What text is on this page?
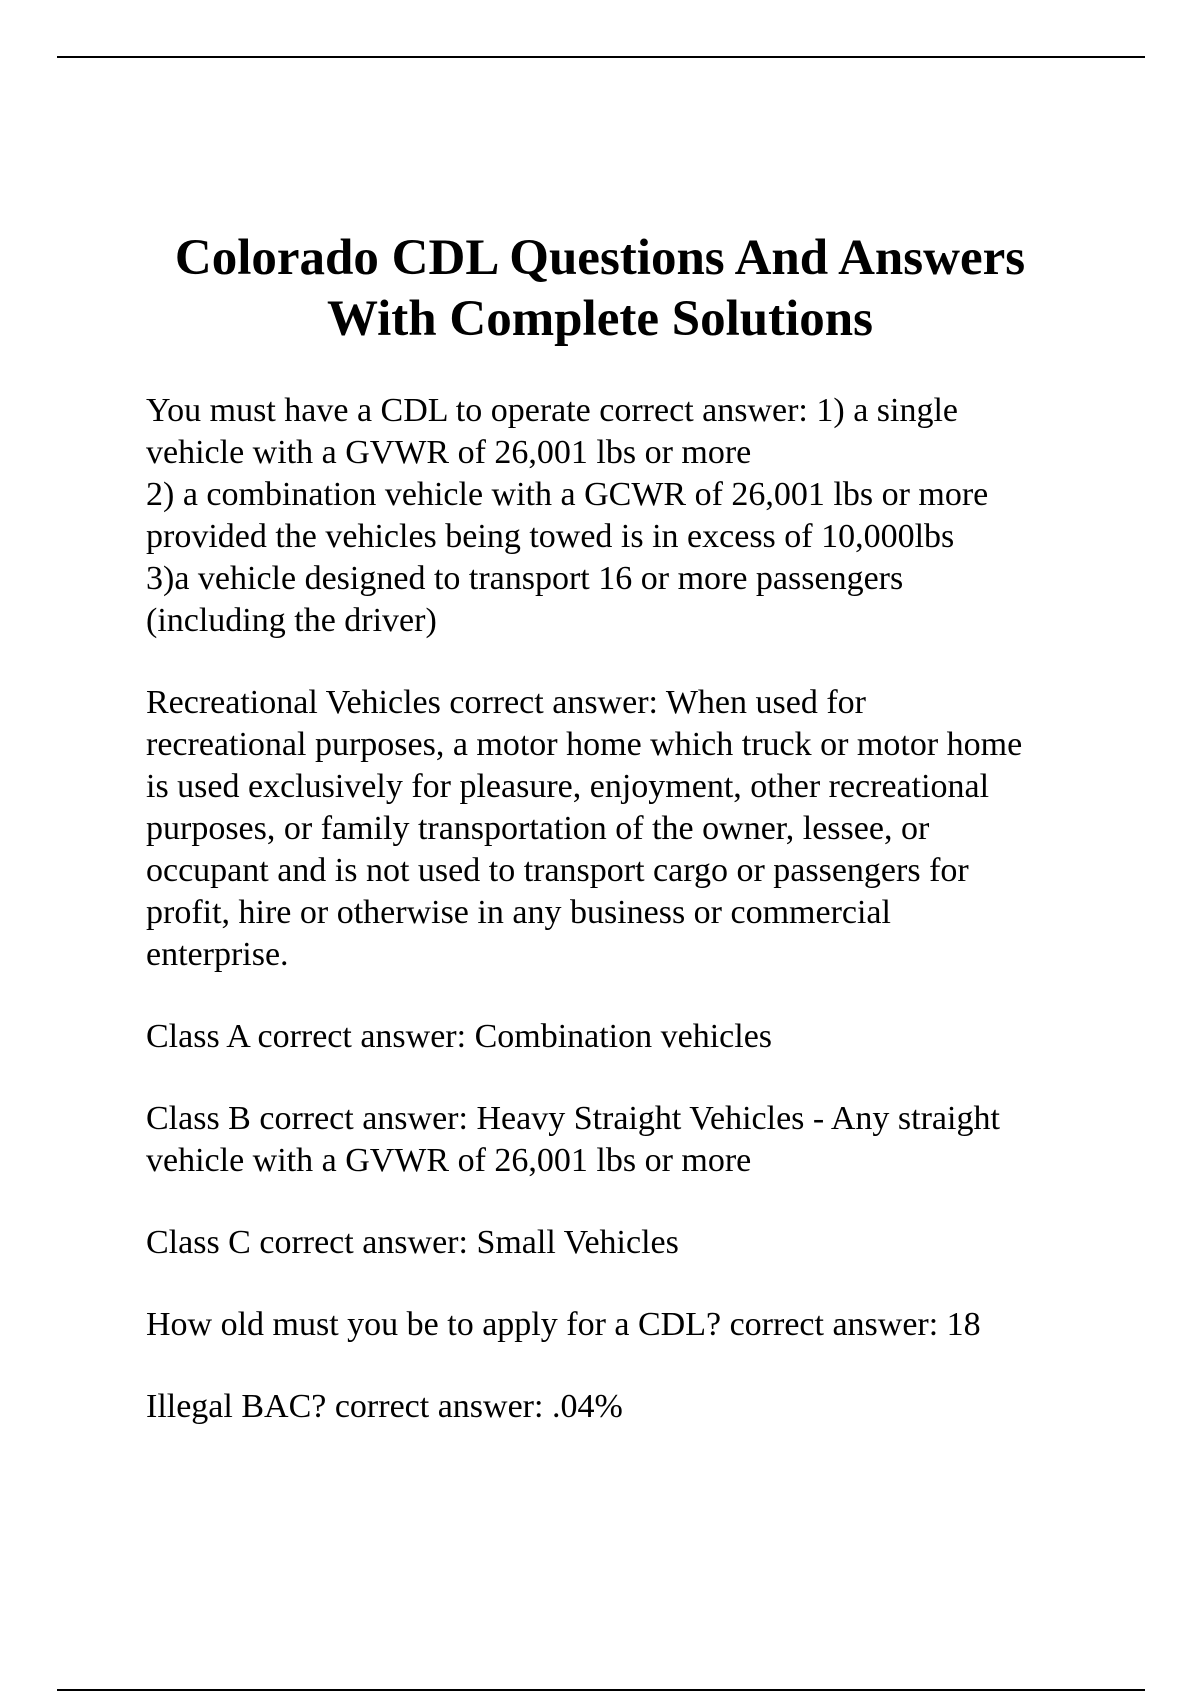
Colorado CDL Questions And Answers
With Complete Solutions

You must have a CDL to operate correct answer: 1) a single
vehicle with a GVWR of 26,001 lbs or more
2) a combination vehicle with a GCWR of 26,001 lbs or more
provided the vehicles being towed is in excess of 10,000lbs
3)a vehicle designed to transport 16 or more passengers
(including the driver)

Recreational Vehicles correct answer: When used for
recreational purposes, a motor home which truck or motor home
is used exclusively for pleasure, enjoyment, other recreational
purposes, or family transportation of the owner, lessee, or
occupant and is not used to transport cargo or passengers for
profit, hire or otherwise in any business or commercial
enterprise.

Class A correct answer: Combination vehicles

Class B correct answer: Heavy Straight Vehicles - Any straight
vehicle with a GVWR of 26,001 lbs or more

Class C correct answer: Small Vehicles

How old must you be to apply for a CDL? correct answer: 18

Illegal BAC? correct answer: .04%
